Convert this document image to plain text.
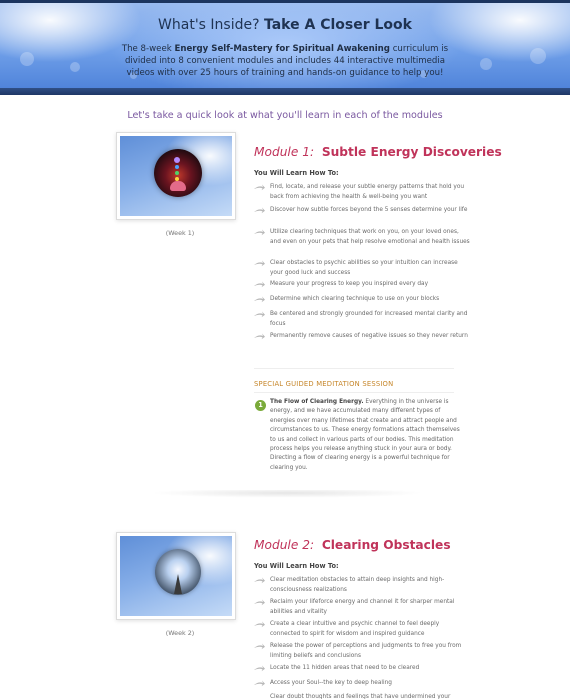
What's Inside? Take A Closer Look
The 8-week Energy Self-Mastery for Spiritual Awakening curriculum is divided into 8 convenient modules and includes 44 interactive multimedia videos with over 25 hours of training and hands-on guidance to help you!
Let's take a quick look at what you'll learn in each of the modules
(Week 1)
Module 1: Subtle Energy Discoveries
You Will Learn How To:
Find, locate, and release your subtle energy patterns that hold you back from achieving the health & well-being you want
Discover how subtle forces beyond the 5 senses determine your life
Utilize clearing techniques that work on you, on your loved ones, and even on your pets that help resolve emotional and health issues
Clear obstacles to psychic abilities so your intuition can increase your good luck and success
Measure your progress to keep you inspired every day
Determine which clearing technique to use on your blocks
Be centered and strongly grounded for increased mental clarity and focus
Permanently remove causes of negative issues so they never return
SPECIAL GUIDED MEDITATION SESSION
1	The Flow of Clearing Energy. Everything in the universe is energy, and we have accumulated many different types of energies over many lifetimes that create and attract people and circumstances to us. These energy formations attach themselves to us and collect in various parts of our bodies. This meditation process helps you release anything stuck in your aura or body. Directing a flow of clearing energy is a powerful technique for clearing you.
(Week 2)
Module 2: Clearing Obstacles
You Will Learn How To:
Clear meditation obstacles to attain deep insights and high-consciousness realizations
Reclaim your lifeforce energy and channel it for sharper mental abilities and vitality
Create a clear intuitive and psychic channel to feel deeply connected to spirit for wisdom and inspired guidance
Release the power of perceptions and judgments to free you from limiting beliefs and conclusions
Locate the 11 hidden areas that need to be cleared
Access your Soul--the key to deep healing
Clear doubt thoughts and feelings that have undermined your
